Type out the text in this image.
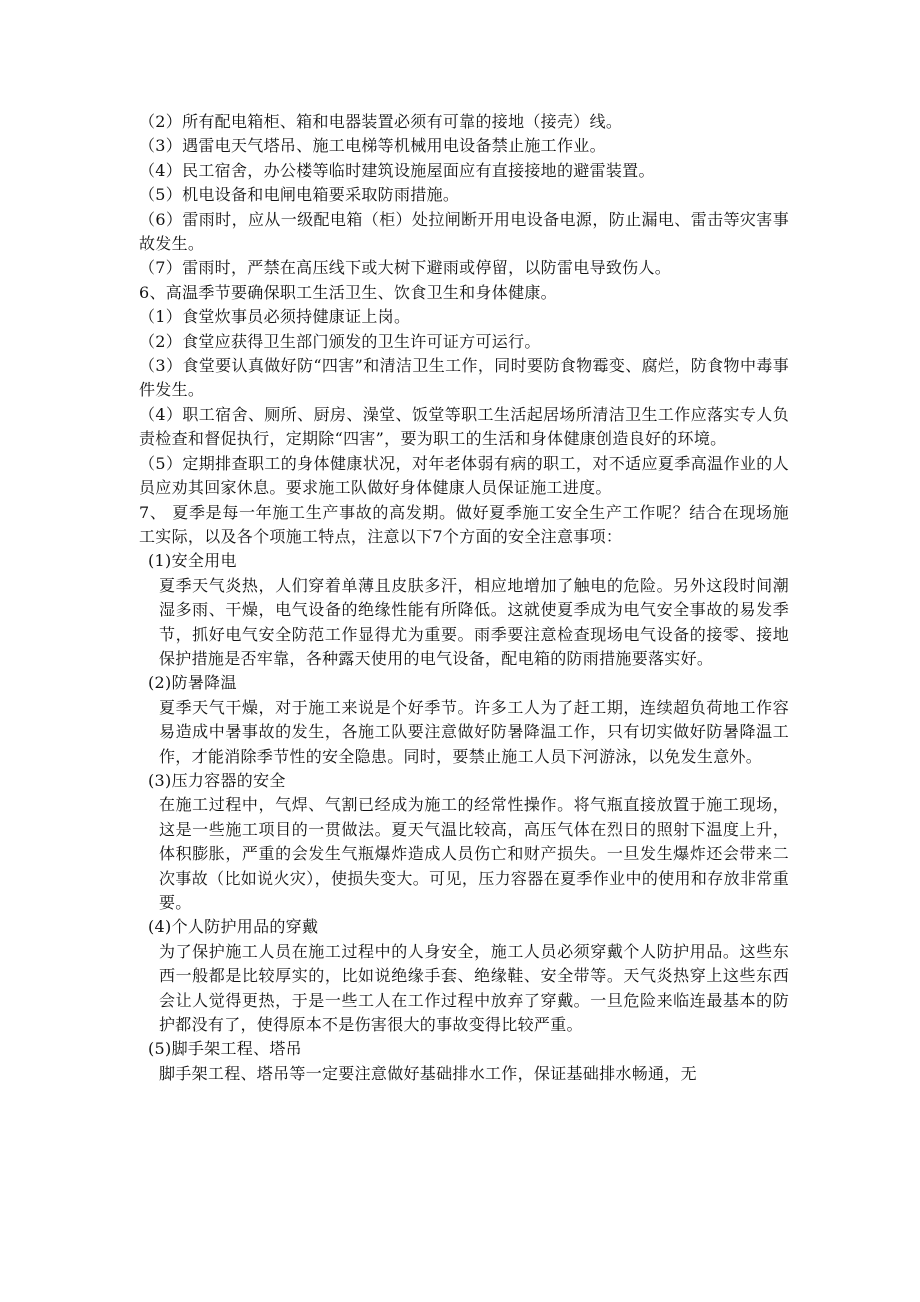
（2）所有配电箱柜、箱和电器装置必须有可靠的接地（接壳）线。

（3）遇雷电天气塔吊、施工电梯等机械用电设备禁止施工作业。

（4）民工宿舍，办公楼等临时建筑设施屋面应有直接接地的避雷装置。

（5）机电设备和电闸电箱要采取防雨措施。

（6）雷雨时，应从一级配电箱（柜）处拉闸断开用电设备电源，防止漏电、雷击等灾害事故发生。

（7）雷雨时，严禁在高压线下或大树下避雨或停留，以防雷电导致伤人。

6、高温季节要确保职工生活卫生、饮食卫生和身体健康。

（1）食堂炊事员必须持健康证上岗。

（2）食堂应获得卫生部门颁发的卫生许可证方可运行。

（3）食堂要认真做好防“四害”和清洁卫生工作，同时要防食物霉变、腐烂，防食物中毒事件发生。

（4）职工宿舍、厕所、厨房、澡堂、饭堂等职工生活起居场所清洁卫生工作应落实专人负责检查和督促执行，定期除“四害”，要为职工的生活和身体健康创造良好的环境。

（5）定期排查职工的身体健康状况，对年老体弱有病的职工，对不适应夏季高温作业的人员应劝其回家休息。要求施工队做好身体健康人员保证施工进度。

7、 夏季是每一年施工生产事故的高发期。做好夏季施工安全生产工作呢？结合在现场施工实际，以及各个项施工特点，注意以下7个方面的安全注意事项：

(1)安全用电

夏季天气炎热，人们穿着单薄且皮肤多汗，相应地增加了触电的危险。另外这段时间潮湿多雨、干燥，电气设备的绝缘性能有所降低。这就使夏季成为电气安全事故的易发季节，抓好电气安全防范工作显得尤为重要。雨季要注意检查现场电气设备的接零、接地保护措施是否牢靠，各种露天使用的电气设备，配电箱的防雨措施要落实好。

(2)防暑降温

夏季天气干燥，对于施工来说是个好季节。许多工人为了赶工期，连续超负荷地工作容易造成中暑事故的发生，各施工队要注意做好防暑降温工作，只有切实做好防暑降温工作，才能消除季节性的安全隐患。同时，要禁止施工人员下河游泳，以免发生意外。

(3)压力容器的安全

在施工过程中，气焊、气割已经成为施工的经常性操作。将气瓶直接放置于施工现场，这是一些施工项目的一贯做法。夏天气温比较高，高压气体在烈日的照射下温度上升，体积膨胀，严重的会发生气瓶爆炸造成人员伤亡和财产损失。一旦发生爆炸还会带来二次事故（比如说火灾），使损失变大。可见，压力容器在夏季作业中的使用和存放非常重要。

(4)个人防护用品的穿戴

为了保护施工人员在施工过程中的人身安全，施工人员必须穿戴个人防护用品。这些东西一般都是比较厚实的，比如说绝缘手套、绝缘鞋、安全带等。天气炎热穿上这些东西会让人觉得更热，于是一些工人在工作过程中放弃了穿戴。一旦危险来临连最基本的防护都没有了，使得原本不是伤害很大的事故变得比较严重。

(5)脚手架工程、塔吊

脚手架工程、塔吊等一定要注意做好基础排水工作，保证基础排水畅通，无
